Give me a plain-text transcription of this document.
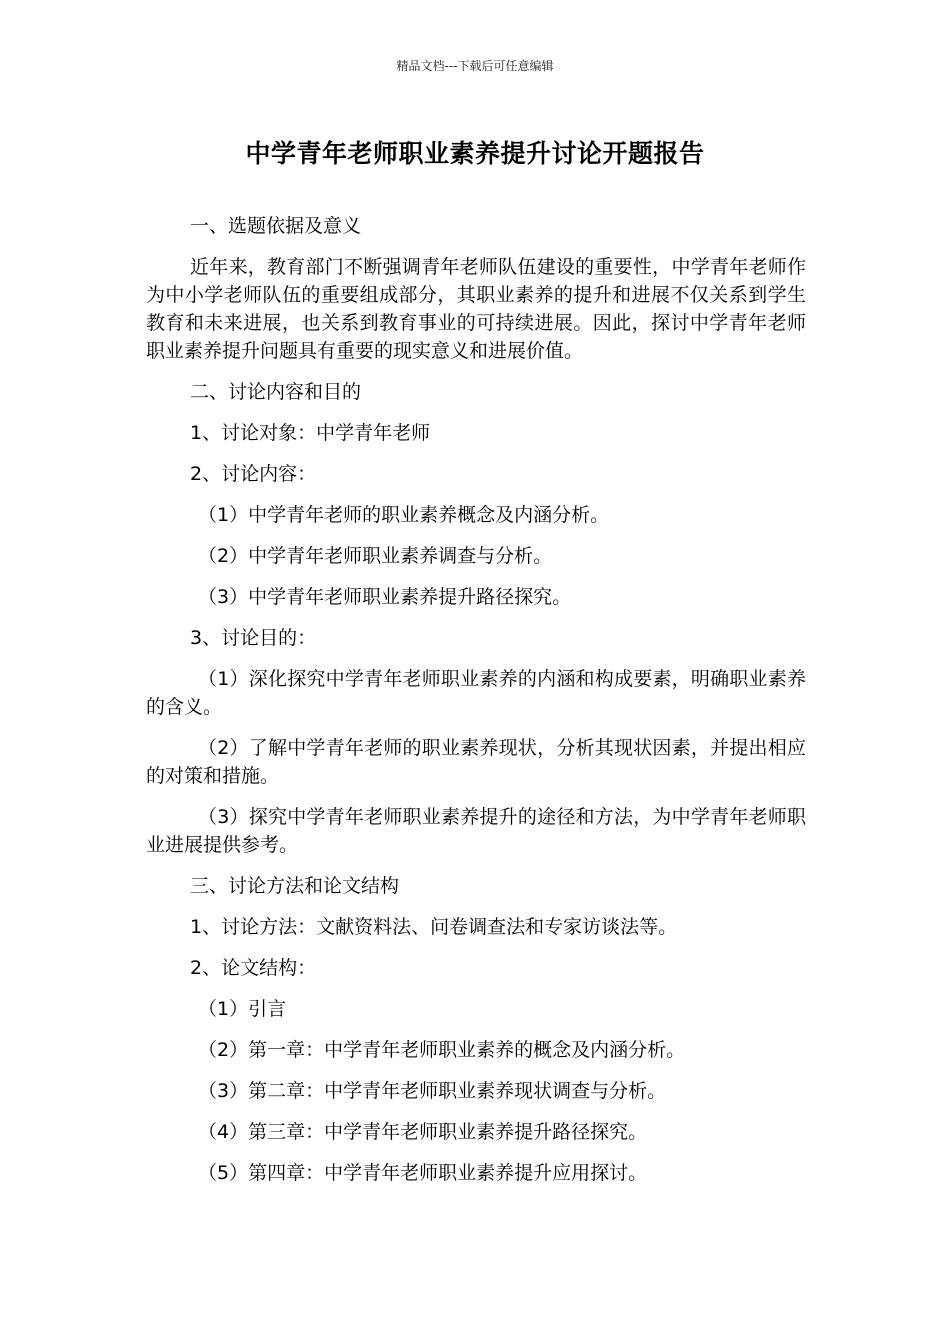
精品文档---下载后可任意编辑
中学青年老师职业素养提升讨论开题报告

一、选题依据及意义

近年来，教育部门不断强调青年老师队伍建设的重要性，中学青年老师作为中小学老师队伍的重要组成部分，其职业素养的提升和进展不仅关系到学生教育和未来进展，也关系到教育事业的可持续进展。因此，探讨中学青年老师职业素养提升问题具有重要的现实意义和进展价值。

二、讨论内容和目的

1、讨论对象：中学青年老师

2、讨论内容：

（1）中学青年老师的职业素养概念及内涵分析。

（2）中学青年老师职业素养调查与分析。

（3）中学青年老师职业素养提升路径探究。

3、讨论目的：

（1）深化探究中学青年老师职业素养的内涵和构成要素，明确职业素养的含义。

（2）了解中学青年老师的职业素养现状，分析其现状因素，并提出相应的对策和措施。

（3）探究中学青年老师职业素养提升的途径和方法，为中学青年老师职业进展提供参考。

三、讨论方法和论文结构

1、讨论方法：文献资料法、问卷调查法和专家访谈法等。

2、论文结构：

（1）引言

（2）第一章：中学青年老师职业素养的概念及内涵分析。

（3）第二章：中学青年老师职业素养现状调查与分析。

（4）第三章：中学青年老师职业素养提升路径探究。

（5）第四章：中学青年老师职业素养提升应用探讨。
